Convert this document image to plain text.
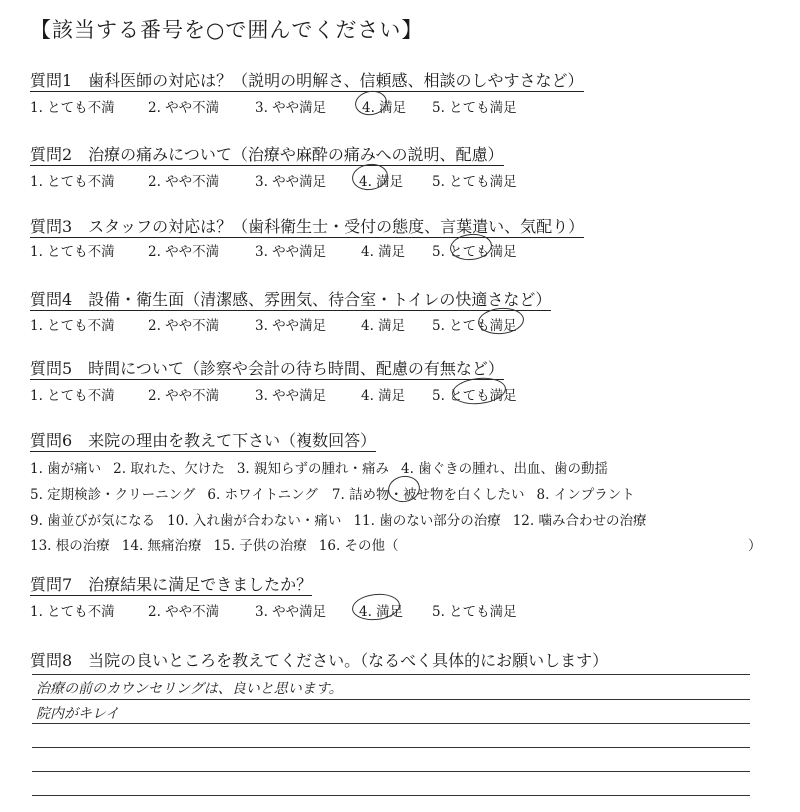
【該当する番号を○で囲んでください】
質問1　歯科医師の対応は？（説明の明解さ、信頼感、相談のしやすさなど）
1. とても不満 2. やや不満	3. やや満足	4. 満足 5. とても満足
質問2　治療の痛みについて（治療や麻酔の痛みへの説明、配慮）
1. とても不満 2. やや不満	3. やや満足 4. 満足 5. とても満足
質問3　スタッフの対応は？（歯科衛生士・受付の態度、言葉遣い、気配り）
1. とても不満 2. やや不満	3. やや満足	4. 満足 5. とても満足
質問4　設備・衛生面（清潔感、雰囲気、待合室・トイレの快適さなど）
1. とても不満 2. やや不満	3. やや満足	4. 満足 5. とても満足
質問5　時間について（診察や会計の待ち時間、配慮の有無など）
1. とても不満 2. やや不満	3. やや満足	4. 満足 5. とても満足
質問6　来院の理由を教えて下さい（複数回答）
1. 歯が痛い 2. 取れた、欠けた 3. 親知らずの腫れ・痛み 4. 歯ぐきの腫れ、出血、歯の動揺
5. 定期検診・クリーニング 6. ホワイトニング 7. 詰め物・被せ物を白くしたい 8. インプラント
9. 歯並びが気になる 10. 入れ歯が合わない・痛い 11. 歯のない部分の治療 12. 噛み合わせの治療
13. 根の治療 14. 無痛治療 15. 子供の治療 16. その他（	）
質問7　治療結果に満足できましたか？
1. とても不満 2. やや不満	3. やや満足 4. 満足 5. とても満足
質問8　当院の良いところを教えてください。（なるべく具体的にお願いします）
治療の前のカウンセリングは、良いと思います。
院内がキレイ
